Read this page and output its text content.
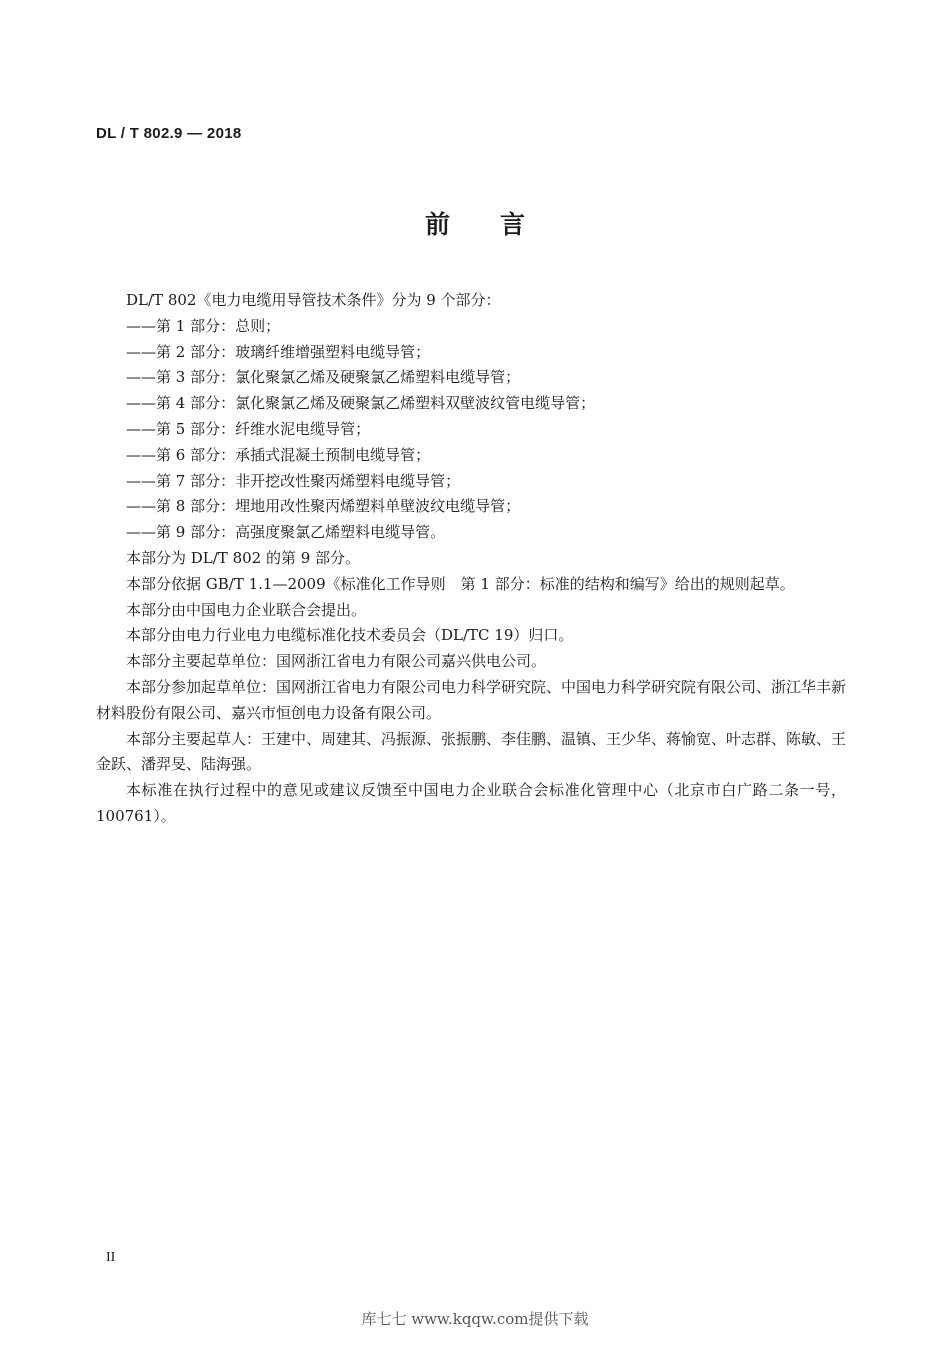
DL / T 802.9 — 2018
前言

DL/T 802《电力电缆用导管技术条件》分为 9 个部分：

——第 1 部分：总则；

——第 2 部分：玻璃纤维增强塑料电缆导管；

——第 3 部分：氯化聚氯乙烯及硬聚氯乙烯塑料电缆导管；

——第 4 部分：氯化聚氯乙烯及硬聚氯乙烯塑料双壁波纹管电缆导管；

——第 5 部分：纤维水泥电缆导管；

——第 6 部分：承插式混凝土预制电缆导管；

——第 7 部分：非开挖改性聚丙烯塑料电缆导管；

——第 8 部分：埋地用改性聚丙烯塑料单壁波纹电缆导管；

——第 9 部分：高强度聚氯乙烯塑料电缆导管。

本部分为 DL/T 802 的第 9 部分。

本部分依据 GB/T 1.1—2009《标准化工作导则　第 1 部分：标准的结构和编写》给出的规则起草。

本部分由中国电力企业联合会提出。

本部分由电力行业电力电缆标准化技术委员会（DL/TC 19）归口。

本部分主要起草单位：国网浙江省电力有限公司嘉兴供电公司。

本部分参加起草单位：国网浙江省电力有限公司电力科学研究院、中国电力科学研究院有限公司、浙江华丰新材料股份有限公司、嘉兴市恒创电力设备有限公司。

本部分主要起草人：王建中、周建其、冯振源、张振鹏、李佳鹏、温镇、王少华、蒋愉宽、叶志群、陈敏、王金跃、潘羿旻、陆海强。

本标准在执行过程中的意见或建议反馈至中国电力企业联合会标准化管理中心（北京市白广路二条一号，100761）。

II
库七七 www.kqqw.com提供下载
